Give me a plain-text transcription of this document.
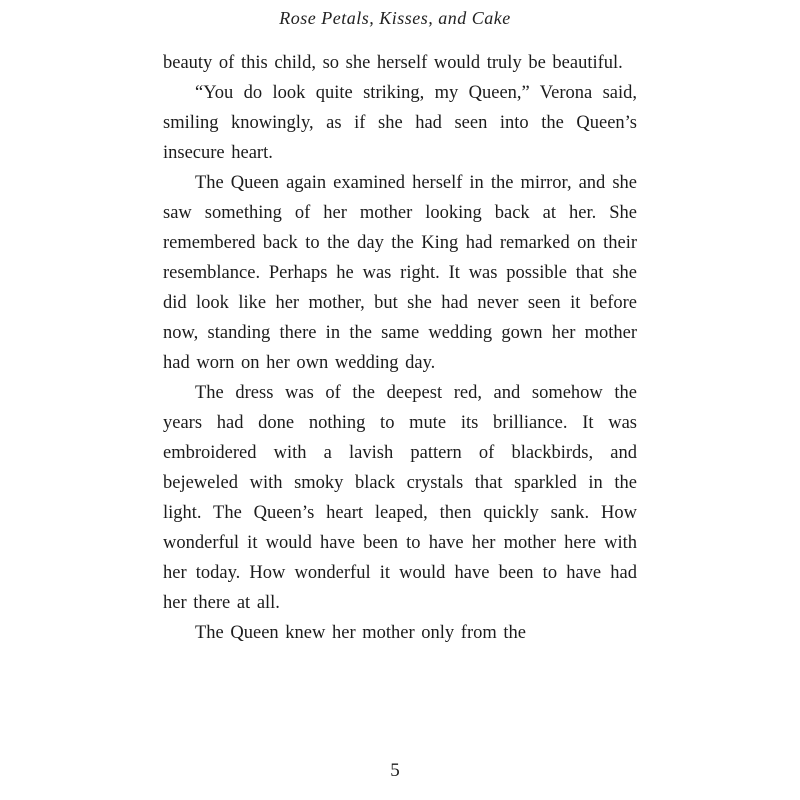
Rose Petals, Kisses, and Cake

beauty of this child, so she herself would truly be beautiful.

“You do look quite striking, my Queen,” Verona said, smiling knowingly, as if she had seen into the Queen’s insecure heart.

The Queen again examined herself in the mirror, and she saw something of her mother looking back at her. She remembered back to the day the King had remarked on their resemblance. Perhaps he was right. It was possible that she did look like her mother, but she had never seen it before now, standing there in the same wedding gown her mother had worn on her own wedding day.

The dress was of the deepest red, and somehow the years had done nothing to mute its brilliance. It was embroidered with a lavish pattern of blackbirds, and bejeweled with smoky black crystals that sparkled in the light. The Queen’s heart leaped, then quickly sank. How wonderful it would have been to have her mother here with her today. How wonderful it would have been to have had her there at all.

The Queen knew her mother only from the

5
